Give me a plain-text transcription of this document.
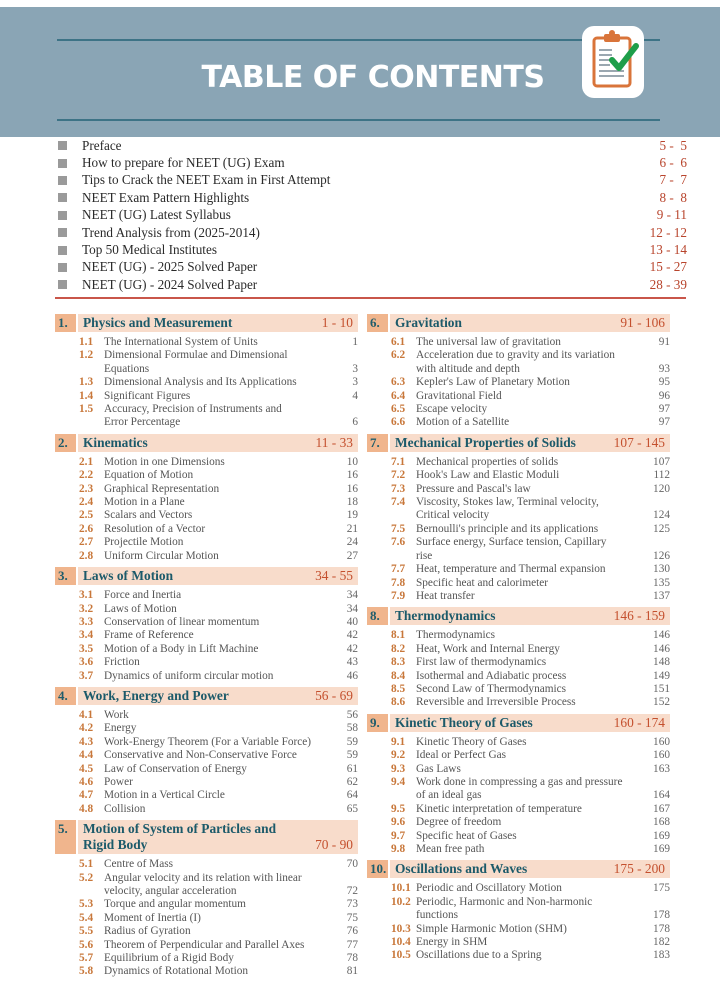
TABLE OF CONTENTS
Preface	5 -  5
How to prepare for NEET (UG) Exam	6 -  6
Tips to Crack the NEET Exam in First Attempt	7 -  7
NEET Exam Pattern Highlights	8 -  8
NEET (UG) Latest Syllabus	9 - 11
Trend Analysis from (2025-2014)	12 - 12
Top 50 Medical Institutes	13 - 14
NEET (UG) - 2025 Solved Paper	15 - 27
NEET (UG) - 2024 Solved Paper	28 - 39
1.	Physics and Measurement	1 - 10
1.1 The International System of Units	1
1.2 Dimensional Formulae and Dimensional
Equations	3
1.3 Dimensional Analysis and Its Applications	3
1.4 Significant Figures	4
1.5 Accuracy, Precision of Instruments and
Error Percentage	6
2.	Kinematics	11 - 33
2.1 Motion in one Dimensions	10
2.2 Equation of Motion	16
2.3 Graphical Representation	16
2.4 Motion in a Plane	18
2.5 Scalars and Vectors	19
2.6 Resolution of a Vector	21
2.7 Projectile Motion	24
2.8 Uniform Circular Motion	27
3.	Laws of Motion	34 - 55
3.1 Force and Inertia	34
3.2 Laws of Motion	34
3.3 Conservation of linear momentum	40
3.4 Frame of Reference	42
3.5 Motion of a Body in Lift Machine	42
3.6 Friction	43
3.7 Dynamics of uniform circular motion	46
4.	Work, Energy and Power	56 - 69
4.1 Work	56
4.2 Energy	58
4.3 Work-Energy Theorem (For a Variable Force)	59
4.4 Conservative and Non-Conservative Force	59
4.5 Law of Conservation of Energy	61
4.6 Power	62
4.7 Motion in a Vertical Circle	64
4.8 Collision	65
5.	Motion of System of Particles and
Rigid Body	70 - 90
5.1 Centre of Mass	70
5.2 Angular velocity and its relation with linear
velocity, angular acceleration	72
5.3 Torque and angular momentum	73
5.4 Moment of Inertia (I)	75
5.5 Radius of Gyration	76
5.6 Theorem of Perpendicular and Parallel Axes	77
5.7 Equilibrium of a Rigid Body	78
5.8 Dynamics of Rotational Motion	81
6.	Gravitation	91 - 106
6.1 The universal law of gravitation	91
6.2 Acceleration due to gravity and its variation
with altitude and depth	93
6.3 Kepler's Law of Planetary Motion	95
6.4 Gravitational Field	96
6.5 Escape velocity	97
6.6 Motion of a Satellite	97
7.	Mechanical Properties of Solids	107 - 145
7.1 Mechanical properties of solids	107
7.2 Hook's Law and Elastic Moduli	112
7.3 Pressure and Pascal's law	120
7.4 Viscosity, Stokes law, Terminal velocity,
Critical velocity	124
7.5 Bernoulli's principle and its applications	125
7.6 Surface energy, Surface tension, Capillary
rise	126
7.7 Heat, temperature and Thermal expansion	130
7.8 Specific heat and calorimeter	135
7.9 Heat transfer	137
8.	Thermodynamics	146 - 159
8.1 Thermodynamics	146
8.2 Heat, Work and Internal Energy	146
8.3 First law of thermodynamics	148
8.4 Isothermal and Adiabatic process	149
8.5 Second Law of Thermodynamics	151
8.6 Reversible and Irreversible Process	152
9.	Kinetic Theory of Gases	160 - 174
9.1 Kinetic Theory of Gases	160
9.2 Ideal or Perfect Gas	160
9.3 Gas Laws	163
9.4 Work done in compressing a gas and pressure
of an ideal gas	164
9.5 Kinetic interpretation of temperature	167
9.6 Degree of freedom	168
9.7 Specific heat of Gases	169
9.8 Mean free path	169
10. Oscillations and Waves	175 - 200
10.1 Periodic and Oscillatory Motion	175
10.2 Periodic, Harmonic and Non-harmonic
functions	178
10.3 Simple Harmonic Motion (SHM)	178
10.4 Energy in SHM	182
10.5 Oscillations due to a Spring	183
